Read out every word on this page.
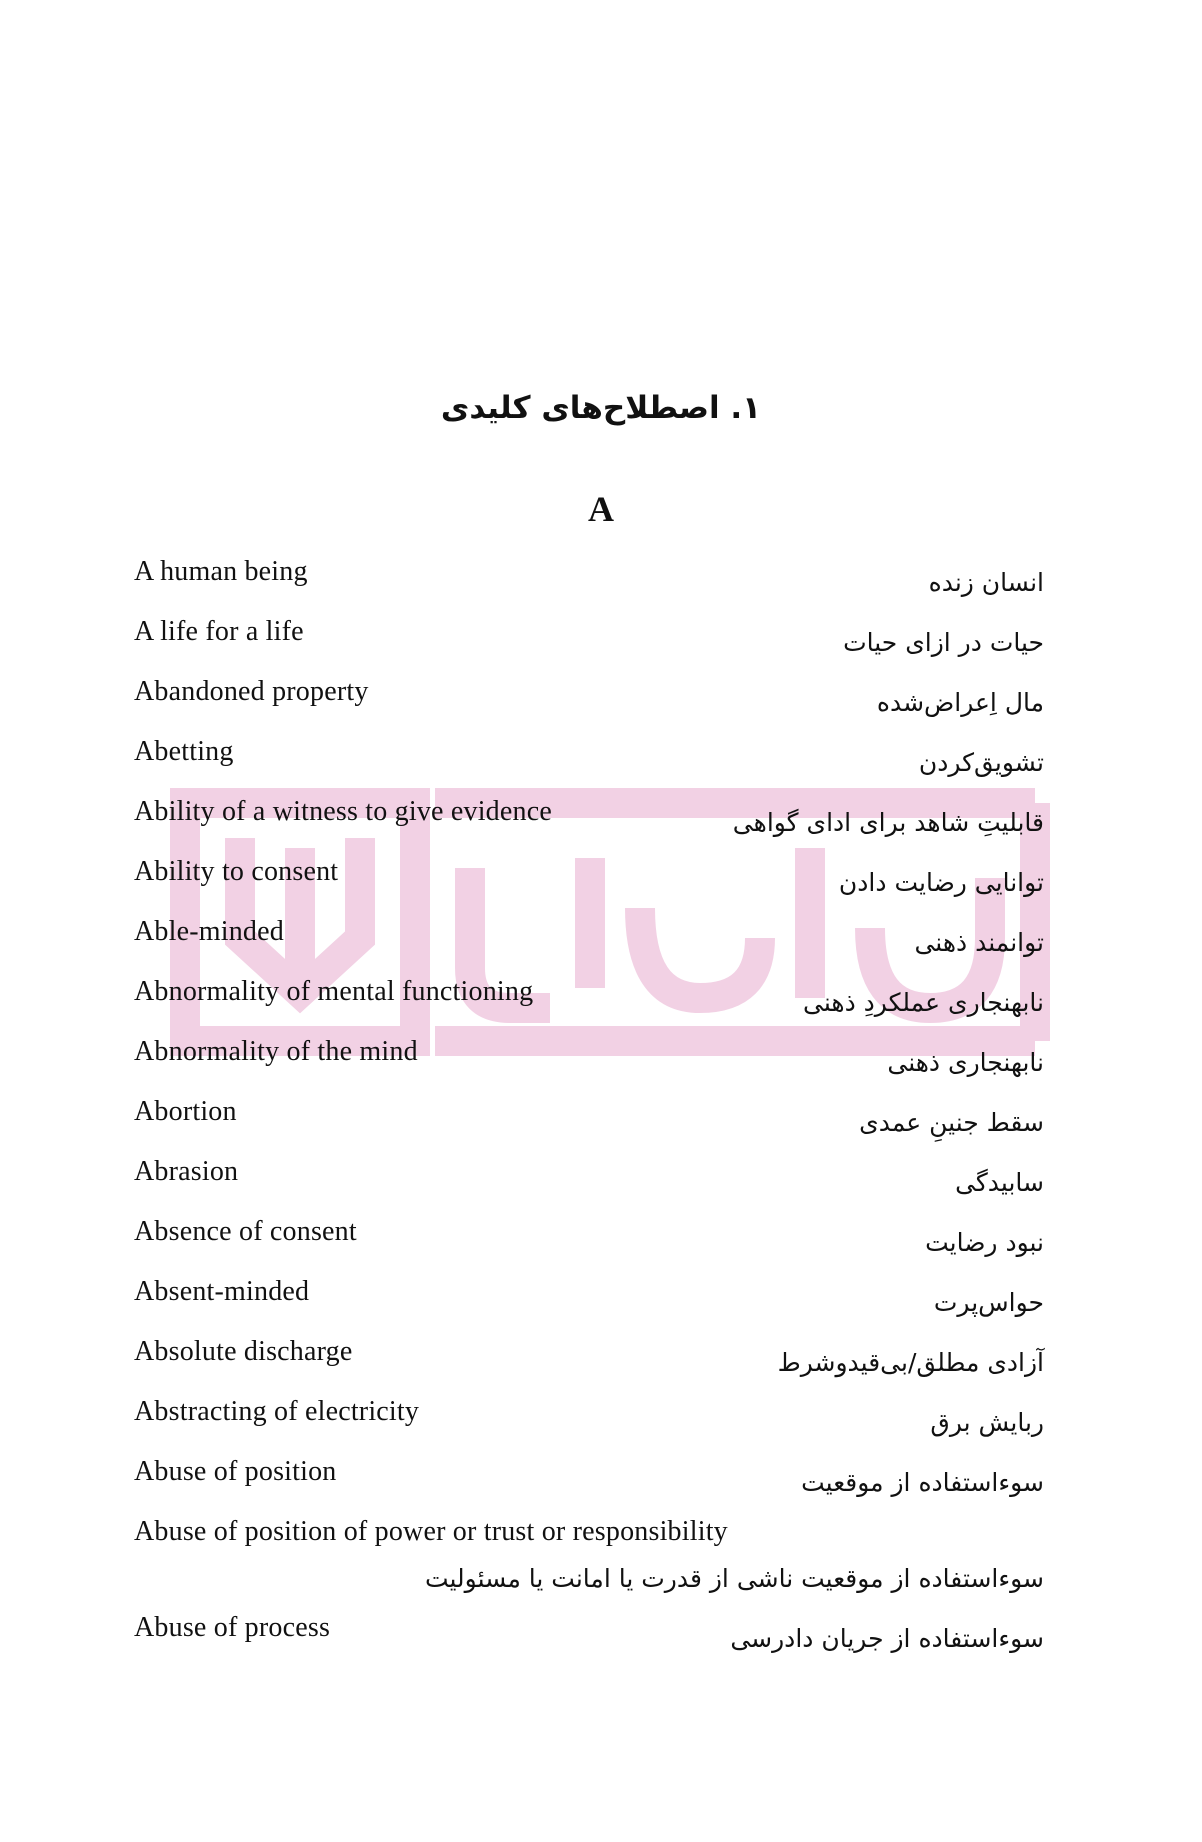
۱. اصطلاح‌های کلیدی
A
A human being	انسان زنده
A life for a life	حیات در ازای حیات
Abandoned property	مال اِعراض‌شده
Abetting	تشویق‌کردن
Ability of a witness to give evidence	قابلیتِ شاهد برای ادای گواهی
Ability to consent	توانایی رضایت دادن
Able-minded	توانمند ذهنی
Abnormality of mental functioning	نابهنجاری عملکردِ ذهنی
Abnormality of the mind	نابهنجاری ذهنی
Abortion	سقط جنینِ عمدی
Abrasion	سابیدگی
Absence of consent	نبود رضایت
Absent-minded	حواس‌پرت
Absolute discharge	آزادی مطلق/بی‌قیدوشرط
Abstracting of electricity	ربایش برق
Abuse of position	سوءاستفاده از موقعیت
Abuse of position of power or trust or responsibility
سوءاستفاده از موقعیت ناشی از قدرت یا امانت یا مسئولیت
Abuse of process	سوءاستفاده از جریان دادرسی
